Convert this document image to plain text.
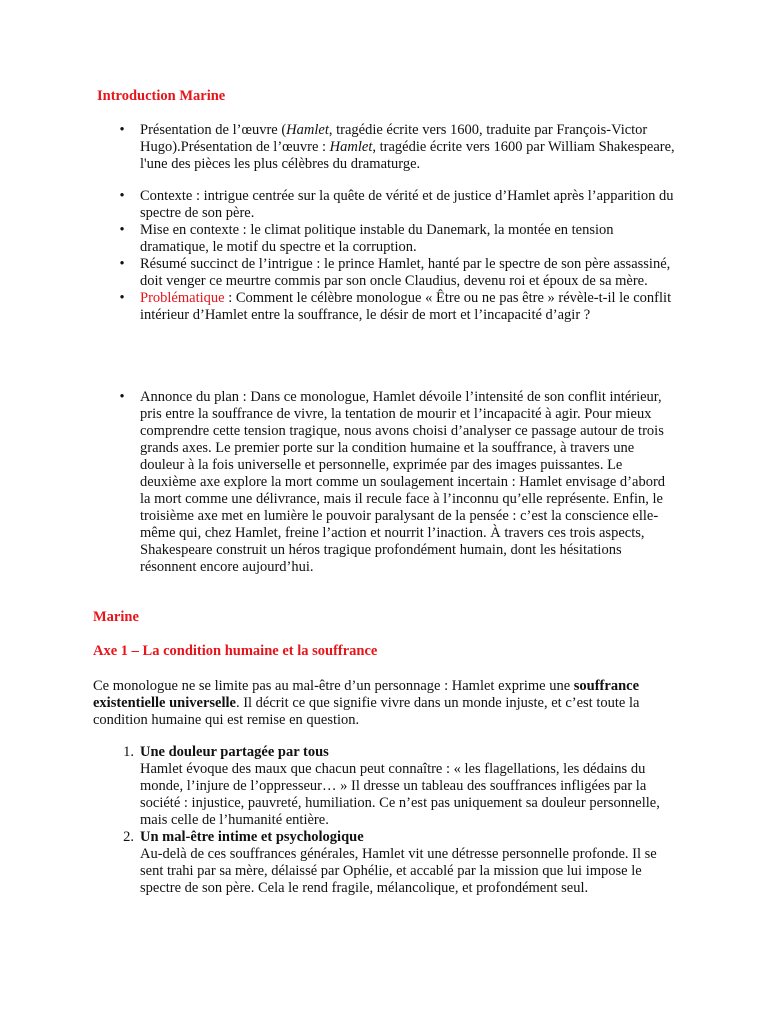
Introduction Marine

• Présentation de l’œuvre (Hamlet, tragédie écrite vers 1600, traduite par François-Victor Hugo).Présentation de l’œuvre : Hamlet, tragédie écrite vers 1600 par William Shakespeare, l'une des pièces les plus célèbres du dramaturge.
• Contexte : intrigue centrée sur la quête de vérité et de justice d’Hamlet après l’apparition du spectre de son père.
• Mise en contexte : le climat politique instable du Danemark, la montée en tension dramatique, le motif du spectre et la corruption.
• Résumé succinct de l’intrigue : le prince Hamlet, hanté par le spectre de son père assassiné, doit venger ce meurtre commis par son oncle Claudius, devenu roi et époux de sa mère.
• Problématique : Comment le célèbre monologue « Être ou ne pas être » révèle-t-il le conflit intérieur d’Hamlet entre la souffrance, le désir de mort et l’incapacité d’agir ?
• Annonce du plan : Dans ce monologue, Hamlet dévoile l’intensité de son conflit intérieur, pris entre la souffrance de vivre, la tentation de mourir et l’incapacité à agir. Pour mieux comprendre cette tension tragique, nous avons choisi d’analyser ce passage autour de trois grands axes. Le premier porte sur la condition humaine et la souffrance, à travers une douleur à la fois universelle et personnelle, exprimée par des images puissantes. Le deuxième axe explore la mort comme un soulagement incertain : Hamlet envisage d’abord la mort comme une délivrance, mais il recule face à l’inconnu qu’elle représente. Enfin, le troisième axe met en lumière le pouvoir paralysant de la pensée : c’est la conscience elle-même qui, chez Hamlet, freine l’action et nourrit l’inaction. À travers ces trois aspects, Shakespeare construit un héros tragique profondément humain, dont les hésitations résonnent encore aujourd’hui.

Marine

Axe 1 – La condition humaine et la souffrance

Ce monologue ne se limite pas au mal-être d’un personnage : Hamlet exprime une souffrance existentielle universelle. Il décrit ce que signifie vivre dans un monde injuste, et c’est toute la condition humaine qui est remise en question.

1. Une douleur partagée par tous
Hamlet évoque des maux que chacun peut connaître : « les flagellations, les dédains du monde, l’injure de l’oppresseur… » Il dresse un tableau des souffrances infligées par la société : injustice, pauvreté, humiliation. Ce n’est pas uniquement sa douleur personnelle, mais celle de l’humanité entière.
2. Un mal-être intime et psychologique
Au-delà de ces souffrances générales, Hamlet vit une détresse personnelle profonde. Il se sent trahi par sa mère, délaissé par Ophélie, et accablé par la mission que lui impose le spectre de son père. Cela le rend fragile, mélancolique, et profondément seul.
